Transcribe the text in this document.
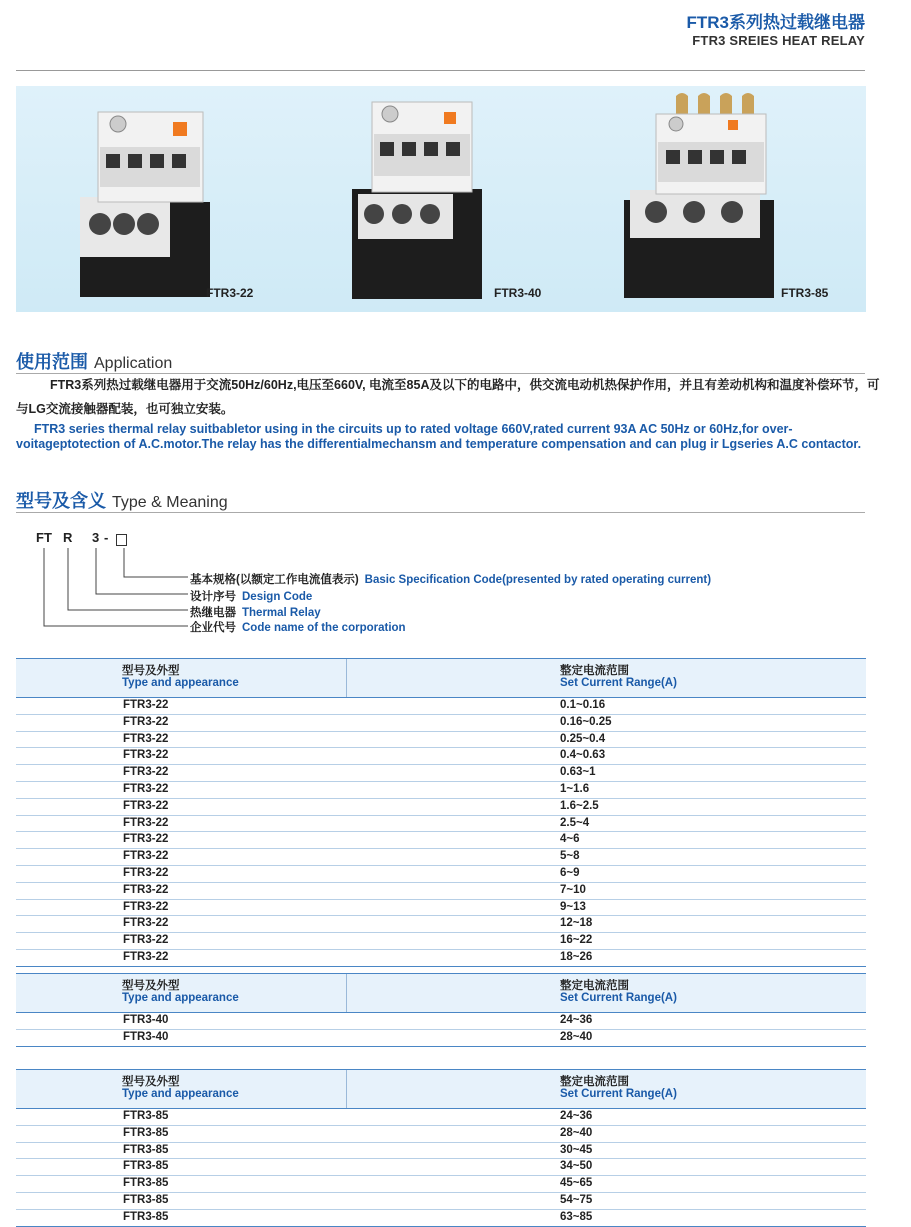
FTR3系列热过载继电器
FTR3 SREIES HEAT RELAY
FTR3-22	FTR3-40	FTR3-85
使用范围 Application
FTR3系列热过载继电器用于交流50Hz/60Hz,电压至660V, 电流至85A及以下的电路中，供交流电动机热保护作用，并且有差动机构和温度补偿环节，可与LG交流接触器配装，也可独立安装。
FTR3 series thermal relay suitbabletor using in the circuits up to rated voltage 660V,rated current 93A AC 50Hz or 60Hz,for over-voitageptotection of A.C.motor.The relay has the differentialmechansm and temperature compensation and can plug ir Lgseries A.C contactor.
型号及含义 Type & Meaning
FT R 3 -
基本规格(以额定工作电流值表示) Basic Specification Code(presented by rated operating current)
设计序号 Design Code
热继电器 Thermal Relay
企业代号 Code name of the corporation
型号及外型
Type and appearance
整定电流范围
Set Current Range(A)
FTR3-22	0.1~0.16
FTR3-22	0.16~0.25
FTR3-22	0.25~0.4
FTR3-22	0.4~0.63
FTR3-22	0.63~1
FTR3-22	1~1.6
FTR3-22	1.6~2.5
FTR3-22	2.5~4
FTR3-22	4~6
FTR3-22	5~8
FTR3-22	6~9
FTR3-22	7~10
FTR3-22	9~13
FTR3-22	12~18
FTR3-22	16~22
FTR3-22	18~26
型号及外型
Type and appearance
整定电流范围
Set Current Range(A)
FTR3-40	24~36
FTR3-40	28~40
型号及外型
Type and appearance
整定电流范围
Set Current Range(A)
FTR3-85	24~36
FTR3-85	28~40
FTR3-85	30~45
FTR3-85	34~50
FTR3-85	45~65
FTR3-85	54~75
FTR3-85	63~85
